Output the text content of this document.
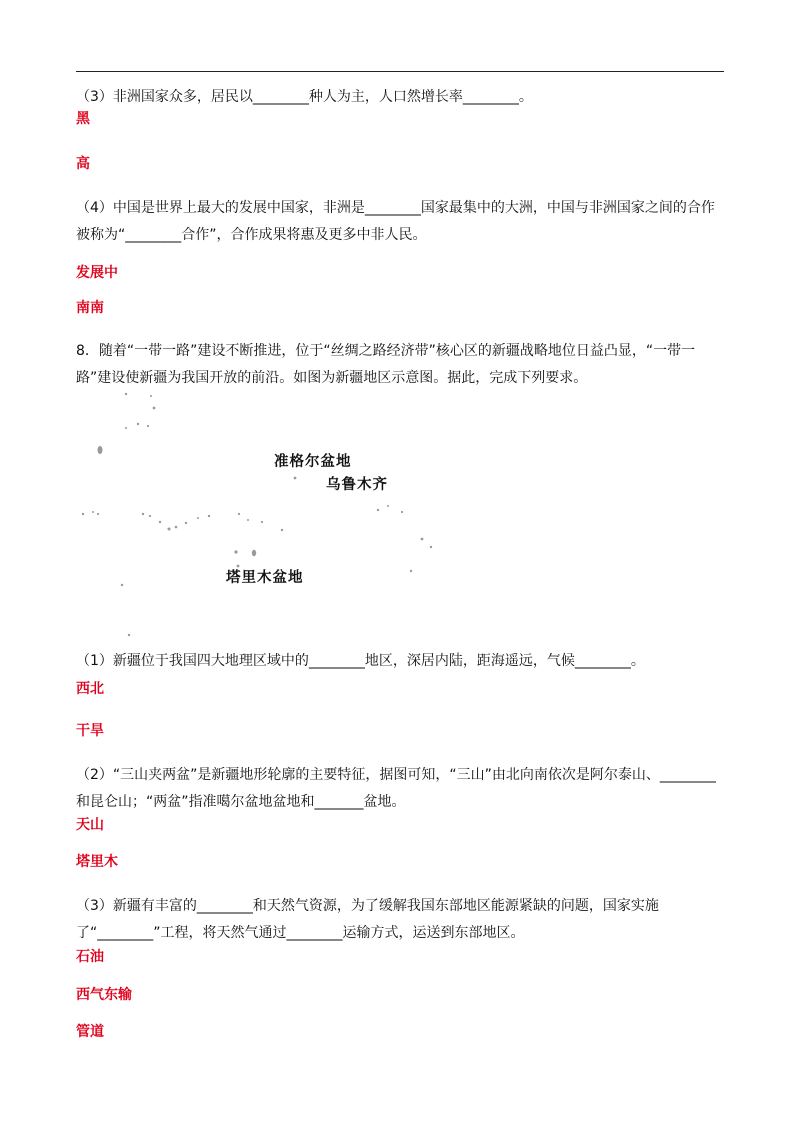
（3）非洲国家众多，居民以________种人为主，人口然增长率________。
黑
高
（4）中国是世界上最大的发展中国家，非洲是________国家最集中的大洲，中国与非洲国家之间的合作被称为“________合作”，合作成果将惠及更多中非人民。
发展中
南南
8．随着“一带一路”建设不断推进，位于“丝绸之路经济带”核心区的新疆战略地位日益凸显，“一带一路”建设使新疆为我国开放的前沿。如图为新疆地区示意图。据此，完成下列要求。
准格尔盆地
乌鲁木齐
塔里木盆地
（1）新疆位于我国四大地理区域中的________地区，深居内陆，距海遥远，气候________。
西北
干旱
（2）“三山夹两盆”是新疆地形轮廓的主要特征，据图可知，“三山”由北向南依次是阿尔泰山、________和昆仑山；“两盆”指准噶尔盆地盆地和_______盆地。
天山
塔里木
（3）新疆有丰富的________和天然气资源，为了缓解我国东部地区能源紧缺的问题，国家实施了“________”工程，将天然气通过________运输方式，运送到东部地区。
石油
西气东输
管道
